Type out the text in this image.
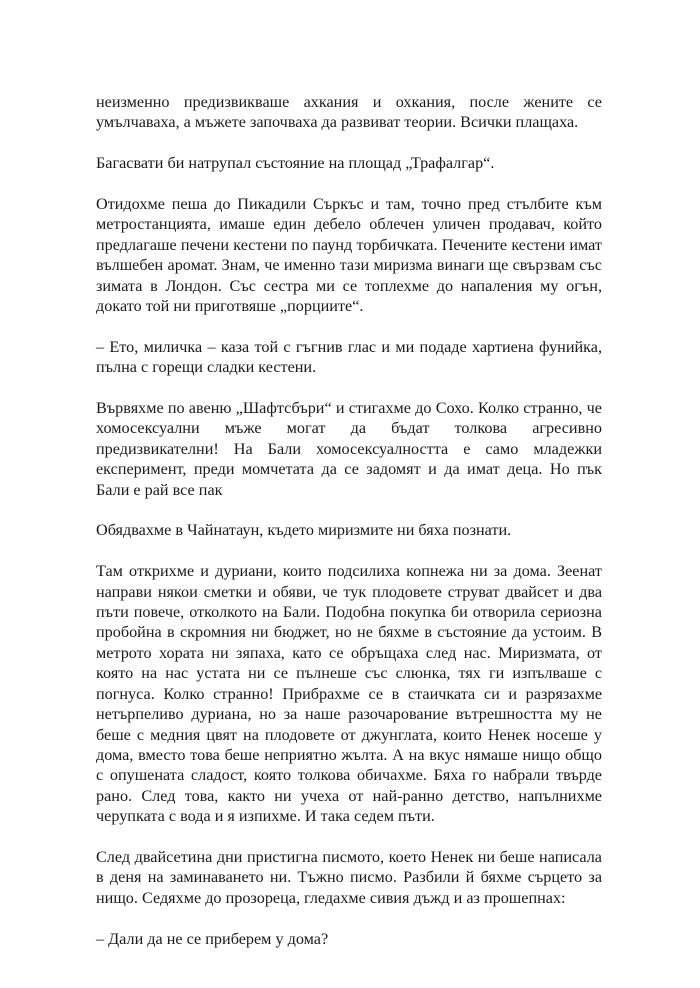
неизменно предизвикваше ахкания и охкания, после жените се умълчаваха, а мъжете започваха да развиват теории. Всички плащаха.

Багасвати би натрупал състояние на площад „Трафалгар“.

Отидохме пеша до Пикадили Съркъс и там, точно пред стълбите към метростанцията, имаше един дебело облечен уличен продавач, който предлагаше печени кестени по паунд торбичката. Печените кестени имат вълшебен аромат. Знам, че именно тази миризма винаги ще свързвам със зимата в Лондон. Със сестра ми се топлехме до напаления му огън, докато той ни приготвяше „порциите“.

– Ето, миличка – каза той с гъгнив глас и ми подаде хартиена фунийка, пълна с горещи сладки кестени.

Вървяхме по авеню „Шафтсбъри“ и стигахме до Сохо. Колко странно, че хомосексуални мъже могат да бъдат толкова агресивно предизвикателни! На Бали хомосексуалността е само младежки експеримент, преди момчетата да се задомят и да имат деца. Но пък Бали е рай все пак

Обядвахме в Чайнатаун, където миризмите ни бяха познати.

Там открихме и дуриани, които подсилиха копнежа ни за дома. Зеенат направи някои сметки и обяви, че тук плодовете струват двайсет и два пъти повече, отколкото на Бали. Подобна покупка би отворила сериозна пробойна в скромния ни бюджет, но не бяхме в състояние да устоим. В метрото хората ни зяпаха, като се обръщаха след нас. Миризмата, от която на нас устата ни се пълнеше със слюнка, тях ги изпълваше с погнуса. Колко странно! Прибрахме се в стаичката си и разрязахме нетърпеливо дуриана, но за наше разочарование вътрешността му не беше с медния цвят на плодовете от джунглата, които Ненек носеше у дома, вместо това беше неприятно жълта. А на вкус нямаше нищо общо с опушената сладост, която толкова обичахме. Бяха го набрали твърде рано. След това, както ни учеха от най-ранно детство, напълнихме черупката с вода и я изпихме. И така седем пъти.

След двайсетина дни пристигна писмото, което Ненек ни беше написала в деня на заминаването ни. Тъжно писмо. Разбили й бяхме сърцето за нищо. Седяхме до прозореца, гледахме сивия дъжд и аз прошепнах:

– Дали да не се приберем у дома?
